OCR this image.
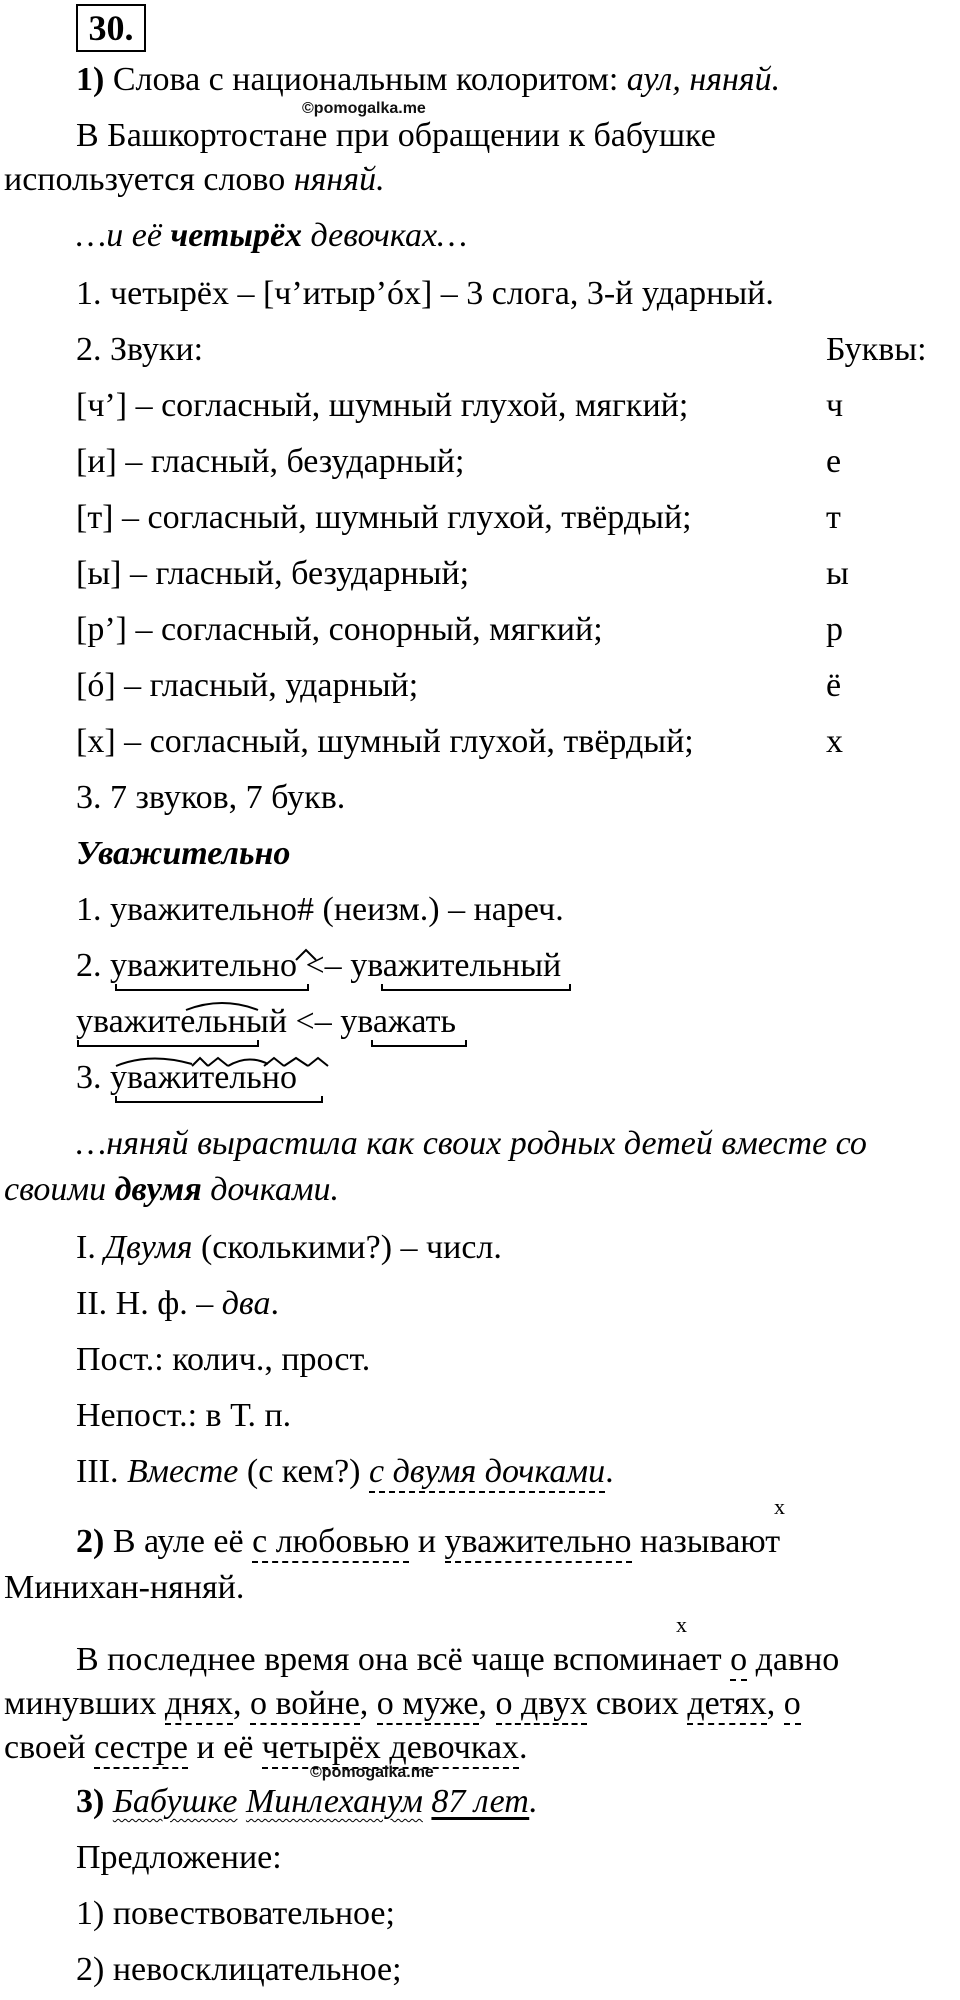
30.
1) Слова с национальным колоритом: аул, няняй.
©pomogalka.me
В Башкортостане при обращении к бабушке
используется слово няняй.
…и её четырёх девочках…
1. четырёх – [ч’итыр’óх] – 3 слога, 3-й ударный.
2. Звуки:	Буквы:
[ч’] – согласный, шумный глухой, мягкий;	ч
[и] – гласный, безударный;	е
[т] – согласный, шумный глухой, твёрдый;	т
[ы] – гласный, безударный;	ы
[р’] – согласный, сонорный, мягкий;	р
[ó] – гласный, ударный;	ё
[х] – согласный, шумный глухой, твёрдый;	х
3. 7 звуков, 7 букв.
Уважительно
1. уважительно# (неизм.) – нареч.
2. уважительно <– уважительный
уважительный <– уважать
3. уважительно
…няняй вырастила как своих родных детей вместе со
своими двумя дочками.
I. Двумя (сколькими?) – числ.
II. Н. ф. – два.
Пост.: колич., прост.
Непост.: в Т. п.
III. Вместе (с кем?) с двумя дочками.
х
2) В ауле её с любовью и уважительно называют
Минихан-няняй.
х
В последнее время она всё чаще вспоминает о давно
минувших днях, о войне, о муже, о двух своих детях, о
своей сестре и её четырёх девочках.
©pomogalka.me
3) Бабушке Минлеханум 87 лет.
Предложение:
1) повествовательное;
2) невосклицательное;
